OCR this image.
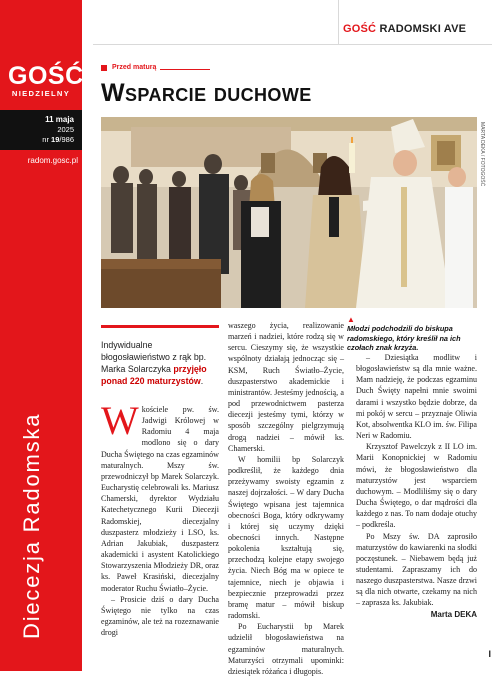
GOŚĆ
NIEDZIELNY
11 maja
2025
nr 19/986
radom.gosc.pl
Diecezja Radomska
GOŚĆ RADOMSKI AVE
Przed maturą
Wsparcie duchowe
MARTA DEKA / FOTOGOŚĆ
▲
Młodzi podchodzili do biskupa radomskiego, który kreślił na ich czołach znak krzyża.
Indywidualne błogosławieństwo z rąk bp. Marka Solarczyka przyjęło ponad 220 maturzystów.

Wkościele pw. św. Jadwigi Królowej w Radomiu 4 maja modlono się o dary Ducha Świętego na czas egzaminów maturalnych. Mszy św. przewodniczył bp Marek Solarczyk. Eucharystię celebrowali ks. Mariusz Chamerski, dyrektor Wydziału Katechetycznego Kurii Diecezji Radomskiej, diecezjalny duszpasterz młodzieży i LSO, ks. Adrian Jakubiak, duszpasterz akademicki i asystent Katolickiego Stowarzyszenia Młodzieży DR, oraz ks. Paweł Krasiński, diecezjalny moderator Ruchu Światło–Życie.

– Prosicie dziś o dary Ducha Świętego nie tylko na czas egzaminów, ale też na rozeznawanie drogi

waszego życia, realizowanie marzeń i nadziei, które rodzą się w sercu. Cieszymy się, że wszystkie wspólnoty działają jednocząc się – KSM, Ruch Światło–Życie, duszpasterstwo akademickie i ministrantów. Jesteśmy jednością, a pod przewodnictwem pasterza diecezji jesteśmy tymi, którzy w sposób szczególny pielgrzymują drogą nadziei – mówił ks. Chamerski.

W homilii bp Solarczyk podkreślił, że każdego dnia przeżywamy swoisty egzamin z naszej dojrzałości. – W dary Ducha Świętego wpisana jest tajemnica obecności Boga, który odkrywamy i której się uczymy dzięki obecności innych. Następne pokolenia kształtują się, przechodzą kolejne etapy swojego życia. Niech Bóg ma w opiece te tajemnice, niech je objawia i bezpiecznie przeprowadzi przez bramę matur – mówił biskup radomski.

Po Eucharystii bp Marek udzielił błogosławieństwa na egzaminów maturalnych. Maturzyści otrzymali upominki: dziesiątek różańca i długopis.

– Dziesiątka modlitw i błogosławieństw są dla mnie ważne. Mam nadzieję, że podczas egzaminu Duch Święty napełni mnie swoimi darami i wszystko będzie dobrze, da mi pokój w sercu – przyznaje Oliwia Kot, absolwentka KLO im. św. Filipa Neri w Radomiu.

Krzysztof Pawelczyk z II LO im. Marii Konopnickiej w Radomiu mówi, że błogosławieństwo dla maturzystów jest wsparciem duchowym. – Modliliśmy się o dary Ducha Świętego, o dar mądrości dla każdego z nas. To nam dodaje otuchy – podkreśla.

Po Mszy św. DA zaprosiło maturzystów do kawiarenki na słodki poczęstunek. – Niebawem będą już studentami. Zapraszamy ich do naszego duszpasterstwa. Nasze drzwi są dla nich otwarte, czekamy na nich – zaprasza ks. Jakubiak.

Marta DEKA

I
